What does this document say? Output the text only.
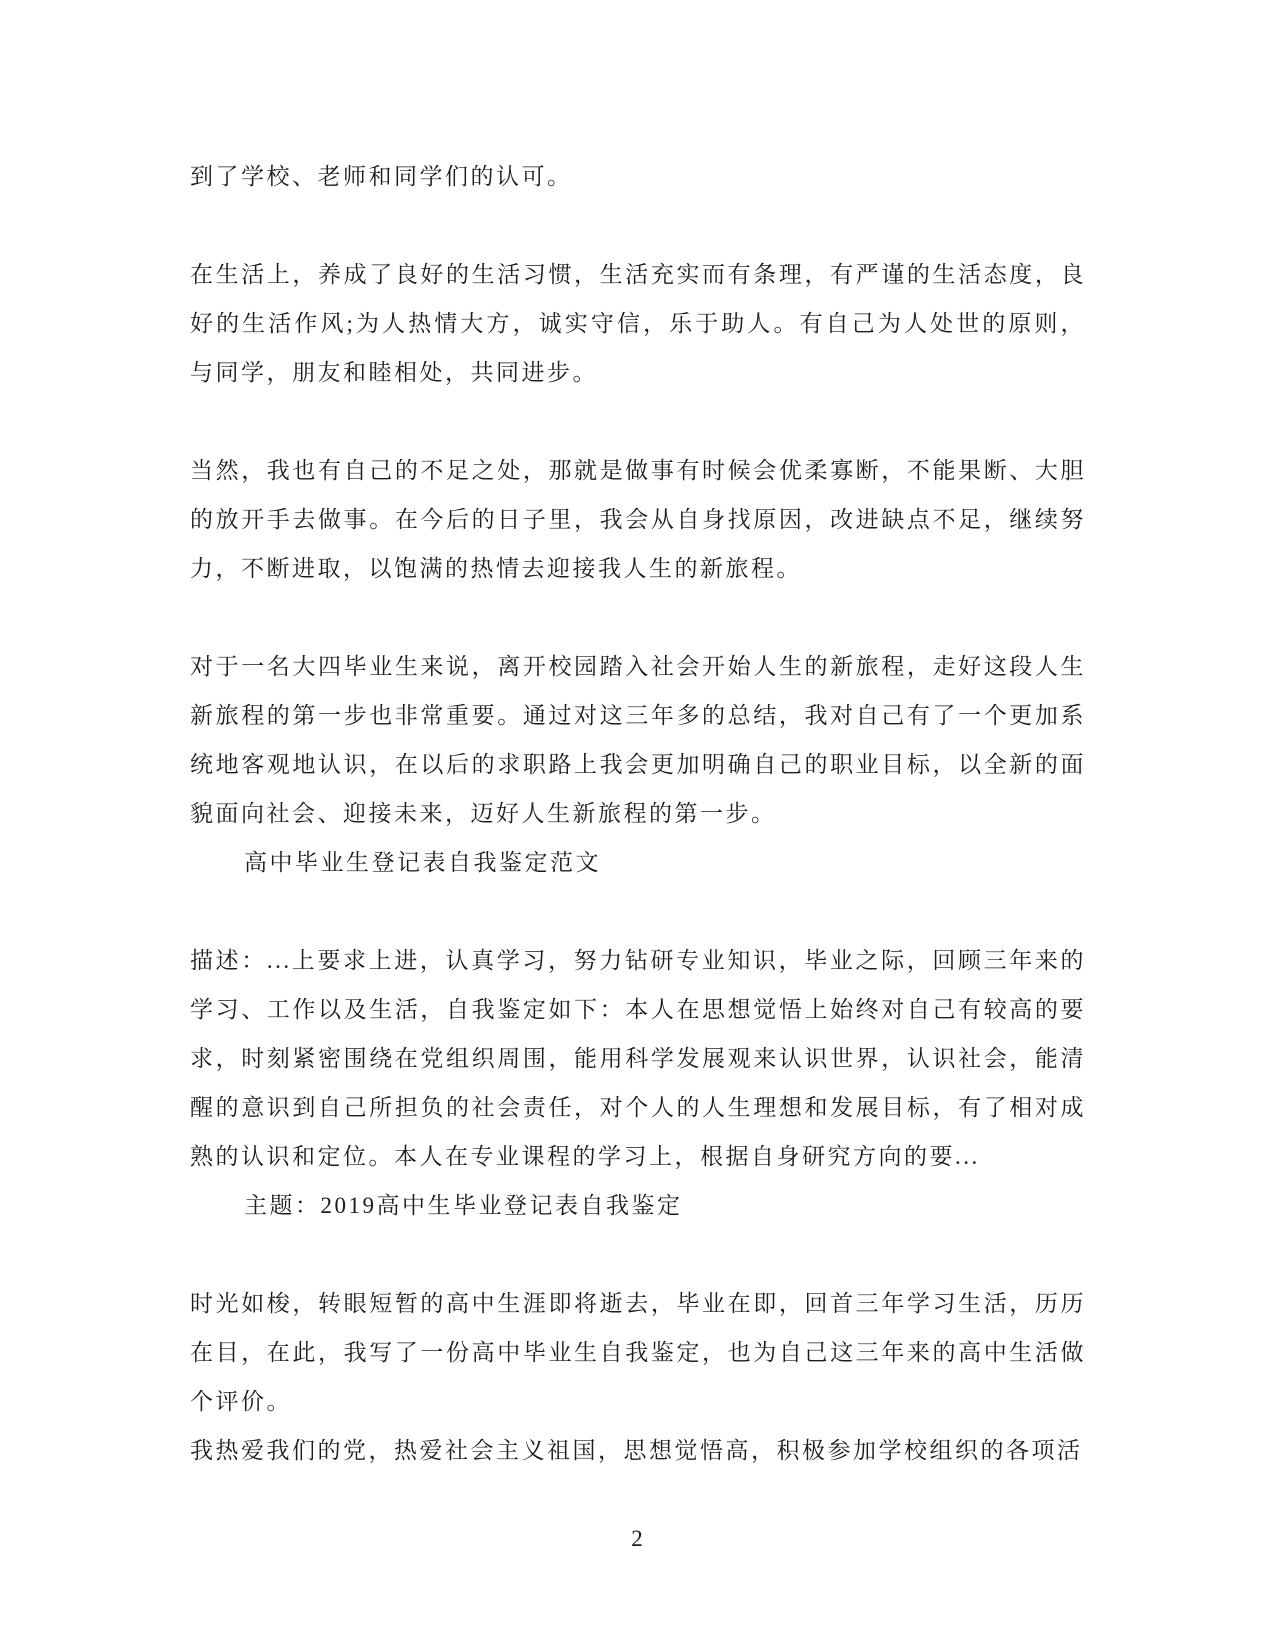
到了学校、老师和同学们的认可。

在生活上，养成了良好的生活习惯，生活充实而有条理，有严谨的生活态度，良好的生活作风;为人热情大方，诚实守信，乐于助人。有自己为人处世的原则，与同学，朋友和睦相处，共同进步。

当然，我也有自己的不足之处，那就是做事有时候会优柔寡断，不能果断、大胆的放开手去做事。在今后的日子里，我会从自身找原因，改进缺点不足，继续努力，不断进取，以饱满的热情去迎接我人生的新旅程。

对于一名大四毕业生来说，离开校园踏入社会开始人生的新旅程，走好这段人生新旅程的第一步也非常重要。通过对这三年多的总结，我对自己有了一个更加系统地客观地认识，在以后的求职路上我会更加明确自己的职业目标，以全新的面貌面向社会、迎接未来，迈好人生新旅程的第一步。

高中毕业生登记表自我鉴定范文

描述：...上要求上进，认真学习，努力钻研专业知识，毕业之际，回顾三年来的学习、工作以及生活，自我鉴定如下：本人在思想觉悟上始终对自己有较高的要求，时刻紧密围绕在党组织周围，能用科学发展观来认识世界，认识社会，能清醒的意识到自己所担负的社会责任，对个人的人生理想和发展目标，有了相对成熟的认识和定位。本人在专业课程的学习上，根据自身研究方向的要...

主题：2019高中生毕业登记表自我鉴定

时光如梭，转眼短暂的高中生涯即将逝去，毕业在即，回首三年学习生活，历历在目，在此，我写了一份高中毕业生自我鉴定，也为自己这三年来的高中生活做个评价。

我热爱我们的党，热爱社会主义祖国，思想觉悟高，积极参加学校组织的各项活

2
